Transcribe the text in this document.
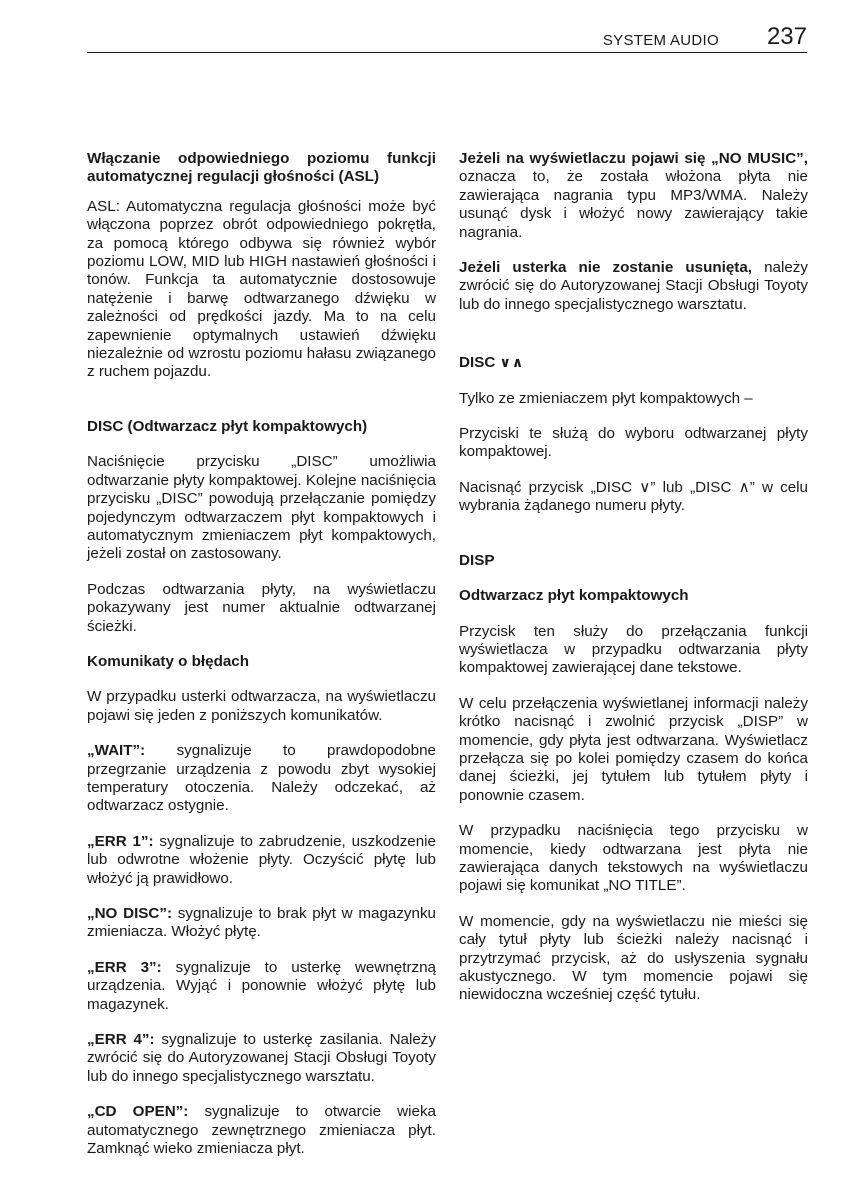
SYSTEM AUDIO 237

Włączanie odpowiedniego poziomu funkcji automatycznej regulacji głośności (ASL)

ASL: Automatyczna regulacja głośności może być włączona poprzez obrót odpowiedniego pokrętła, za pomocą którego odbywa się również wybór poziomu LOW, MID lub HIGH nastawień głośności i tonów. Funkcja ta automatycznie dostosowuje natężenie i barwę odtwarzanego dźwięku w zależności od prędkości jazdy. Ma to na celu zapewnienie optymalnych ustawień dźwięku niezależnie od wzrostu poziomu hałasu związanego z ruchem pojazdu.

DISC (Odtwarzacz płyt kompaktowych)

Naciśnięcie przycisku „DISC” umożliwia odtwarzanie płyty kompaktowej. Kolejne naciśnięcia przycisku „DISC” powodują przełączanie pomiędzy pojedynczym odtwarzaczem płyt kompaktowych i automatycznym zmieniaczem płyt kompaktowych, jeżeli został on zastosowany.

Podczas odtwarzania płyty, na wyświetlaczu pokazywany jest numer aktualnie odtwarzanej ścieżki.

Komunikaty o błędach

W przypadku usterki odtwarzacza, na wyświetlaczu pojawi się jeden z poniższych komunikatów.

„WAIT”: sygnalizuje to prawdopodobne przegrzanie urządzenia z powodu zbyt wysokiej temperatury otoczenia. Należy odczekać, aż odtwarzacz ostygnie.

„ERR 1”: sygnalizuje to zabrudzenie, uszkodzenie lub odwrotne włożenie płyty. Oczyścić płytę lub włożyć ją prawidłowo.

„NO DISC”: sygnalizuje to brak płyt w magazynku zmieniacza. Włożyć płytę.

„ERR 3”: sygnalizuje to usterkę wewnętrzną urządzenia. Wyjąć i ponownie włożyć płytę lub magazynek.

„ERR 4”: sygnalizuje to usterkę zasilania. Należy zwrócić się do Autoryzowanej Stacji Obsługi Toyoty lub do innego specjalistycznego warsztatu.

„CD OPEN”: sygnalizuje to otwarcie wieka automatycznego zewnętrznego zmieniacza płyt. Zamknąć wieko zmieniacza płyt.

Jeżeli na wyświetlaczu pojawi się „NO MUSIC”, oznacza to, że została włożona płyta nie zawierająca nagrania typu MP3/WMA. Należy usunąć dysk i włożyć nowy zawierający takie nagrania.

Jeżeli usterka nie zostanie usunięta, należy zwrócić się do Autoryzowanej Stacji Obsługi Toyoty lub do innego specjalistycznego warsztatu.

DISC ∨∧

Tylko ze zmieniaczem płyt kompaktowych –

Przyciski te służą do wyboru odtwarzanej płyty kompaktowej.

Nacisnąć przycisk „DISC ∨” lub „DISC ∧” w celu wybrania żądanego numeru płyty.

DISP

Odtwarzacz płyt kompaktowych

Przycisk ten służy do przełączania funkcji wyświetlacza w przypadku odtwarzania płyty kompaktowej zawierającej dane tekstowe.

W celu przełączenia wyświetlanej informacji należy krótko nacisnąć i zwolnić przycisk „DISP” w momencie, gdy płyta jest odtwarzana. Wyświetlacz przełącza się po kolei pomiędzy czasem do końca danej ścieżki, jej tytułem lub tytułem płyty i ponownie czasem.

W przypadku naciśnięcia tego przycisku w momencie, kiedy odtwarzana jest płyta nie zawierająca danych tekstowych na wyświetlaczu pojawi się komunikat „NO TITLE”.

W momencie, gdy na wyświetlaczu nie mieści się cały tytuł płyty lub ścieżki należy nacisnąć i przytrzymać przycisk, aż do usłyszenia sygnału akustycznego. W tym momencie pojawi się niewidoczna wcześniej część tytułu.
